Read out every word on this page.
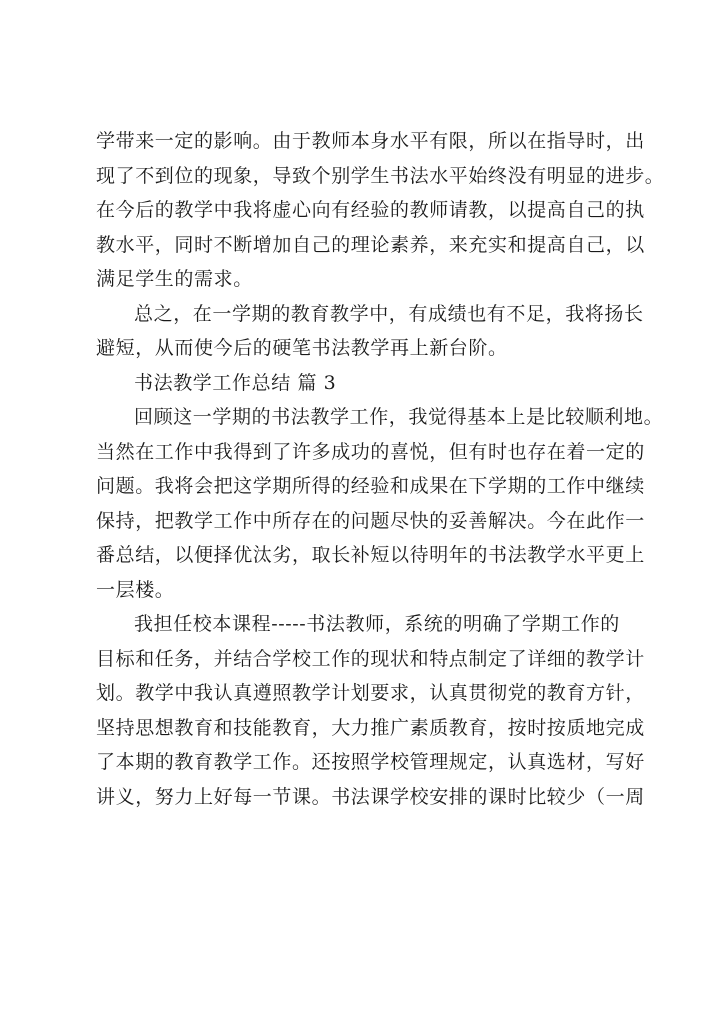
学带来一定的影响。由于教师本身水平有限，所以在指导时，出
现了不到位的现象，导致个别学生书法水平始终没有明显的进步。
在今后的教学中我将虚心向有经验的教师请教，以提高自己的执
教水平，同时不断增加自己的理论素养，来充实和提高自己，以
满足学生的需求。
总之，在一学期的教育教学中，有成绩也有不足，我将扬长
避短，从而使今后的硬笔书法教学再上新台阶。
书法教学工作总结 篇 3
回顾这一学期的书法教学工作，我觉得基本上是比较顺利地。
当然在工作中我得到了许多成功的喜悦，但有时也存在着一定的
问题。我将会把这学期所得的经验和成果在下学期的工作中继续
保持，把教学工作中所存在的问题尽快的妥善解决。今在此作一
番总结，以便择优汰劣，取长补短以待明年的书法教学水平更上
一层楼。
我担任校本课程-----书法教师，系统的明确了学期工作的
目标和任务，并结合学校工作的现状和特点制定了详细的教学计
划。教学中我认真遵照教学计划要求，认真贯彻党的教育方针，
坚持思想教育和技能教育，大力推广素质教育，按时按质地完成
了本期的教育教学工作。还按照学校管理规定，认真选材，写好
讲义，努力上好每一节课。书法课学校安排的课时比较少（一周
